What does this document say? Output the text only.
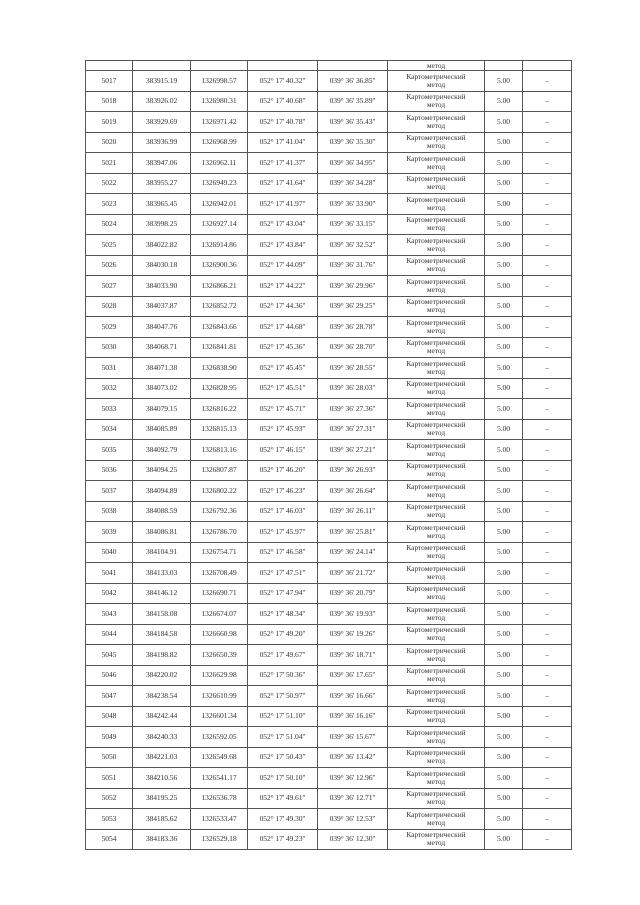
					метод		
5017	383915.19	1326998.57	052° 17' 40.32"	039° 36' 36.85"	Картометрический
метод	5.00	–
5018	383926.02	1326980.31	052° 17' 40.68"	039° 36' 35.89"	Картометрический
метод	5.00	–
5019	383929.69	1326971.42	052° 17' 40.78"	039° 36' 35.43"	Картометрический
метод	5.00	–
5020	383936.99	1326968.99	052° 17' 41.04"	039° 36' 35.30"	Картометрический
метод	5.00	–
5021	383947.06	1326962.11	052° 17' 41.37"	039° 36' 34.95"	Картометрический
метод	5.00	–
5022	383955.27	1326949.23	052° 17' 41.64"	039° 36' 34.28"	Картометрический
метод	5.00	–
5023	383965.45	1326942.01	052° 17' 41.97"	039° 36' 33.90"	Картометрический
метод	5.00	–
5024	383998.25	1326927.14	052° 17' 43.04"	039° 36' 33.15"	Картометрический
метод	5.00	–
5025	384022.82	1326914.86	052° 17' 43.84"	039° 36' 32.52"	Картометрический
метод	5.00	–
5026	384030.18	1326900.36	052° 17' 44.09"	039° 36' 31.76"	Картометрический
метод	5.00	–
5027	384033.90	1326866.21	052° 17' 44.22"	039° 36' 29.96"	Картометрический
метод	5.00	–
5028	384037.87	1326852.72	052° 17' 44.36"	039° 36' 29.25"	Картометрический
метод	5.00	–
5029	384047.76	1326843.66	052° 17' 44.68"	039° 36' 28.78"	Картометрический
метод	5.00	–
5030	384068.71	1326841.81	052° 17' 45.36"	039° 36' 28.70"	Картометрический
метод	5.00	–
5031	384071.38	1326838.90	052° 17' 45.45"	039° 36' 28.55"	Картометрический
метод	5.00	–
5032	384073.02	1326828.95	052° 17' 45.51"	039° 36' 28.03"	Картометрический
метод	5.00	–
5033	384079.15	1326816.22	052° 17' 45.71"	039° 36' 27.36"	Картометрический
метод	5.00	–
5034	384085.89	1326815.13	052° 17' 45.93"	039° 36' 27.31"	Картометрический
метод	5.00	–
5035	384092.79	1326813.16	052° 17' 46.15"	039° 36' 27.21"	Картометрический
метод	5.00	–
5036	384094.25	1326807.87	052° 17' 46.20"	039° 36' 26.93"	Картометрический
метод	5.00	–
5037	384094.89	1326802.22	052° 17' 46.23"	039° 36' 26.64"	Картометрический
метод	5.00	–
5038	384088.59	1326792.36	052° 17' 46.03"	039° 36' 26.11"	Картометрический
метод	5.00	–
5039	384086.81	1326786.70	052° 17' 45.97"	039° 36' 25.81"	Картометрический
метод	5.00	–
5040	384104.91	1326754.71	052° 17' 46.58"	039° 36' 24.14"	Картометрический
метод	5.00	–
5041	384133.03	1326708.49	052° 17' 47.51"	039° 36' 21.72"	Картометрический
метод	5.00	–
5042	384146.12	1326690.71	052° 17' 47.94"	039° 36' 20.79"	Картометрический
метод	5.00	–
5043	384158.08	1326674.07	052° 17' 48.34"	039° 36' 19.93"	Картометрический
метод	5.00	–
5044	384184.58	1326660.98	052° 17' 49.20"	039° 36' 19.26"	Картометрический
метод	5.00	–
5045	384198.82	1326650.39	052° 17' 49.67"	039° 36' 18.71"	Картометрический
метод	5.00	–
5046	384220.02	1326629.98	052° 17' 50.36"	039° 36' 17.65"	Картометрический
метод	5.00	–
5047	384238.54	1326610.99	052° 17' 50.97"	039° 36' 16.66"	Картометрический
метод	5.00	–
5048	384242.44	1326601.34	052° 17' 51.10"	039° 36' 16.16"	Картометрический
метод	5.00	–
5049	384240.33	1326592.05	052° 17' 51.04"	039° 36' 15.67"	Картометрический
метод	5.00	–
5050	384221.03	1326549.68	052° 17' 50.43"	039° 36' 13.42"	Картометрический
метод	5.00	–
5051	384210.56	1326541.17	052° 17' 50.10"	039° 36' 12.96"	Картометрический
метод	5.00	–
5052	384195.25	1326536.78	052° 17' 49.61"	039° 36' 12.71"	Картометрический
метод	5.00	–
5053	384185.62	1326533.47	052° 17' 49.30"	039° 36' 12.53"	Картометрический
метод	5.00	–
5054	384183.36	1326529.18	052° 17' 49.23"	039° 36' 12.30"	Картометрический
метод	5.00	–
